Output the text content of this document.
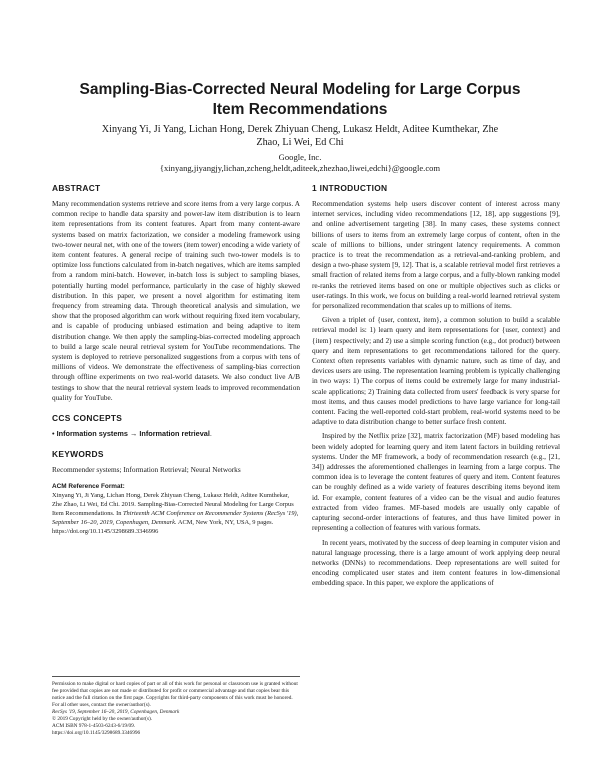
Sampling-Bias-Corrected Neural Modeling for Large Corpus
Item Recommendations
Xinyang Yi, Ji Yang, Lichan Hong, Derek Zhiyuan Cheng, Lukasz Heldt, Aditee Kumthekar, Zhe
Zhao, Li Wei, Ed Chi
Google, Inc.
{xinyang,jiyangjy,lichan,zcheng,heldt,aditeek,zhezhao,liwei,edchi}@google.com
ABSTRACT

Many recommendation systems retrieve and score items from a very large corpus. A common recipe to handle data sparsity and power-law item distribution is to learn item representations from its content features. Apart from many content-aware systems based on matrix factorization, we consider a modeling framework using two-tower neural net, with one of the towers (item tower) encoding a wide variety of item content features. A general recipe of training such two-tower models is to optimize loss functions calculated from in-batch negatives, which are items sampled from a random mini-batch. However, in-batch loss is subject to sampling biases, potentially hurting model performance, particularly in the case of highly skewed distribution. In this paper, we present a novel algorithm for estimating item frequency from streaming data. Through theoretical analysis and simulation, we show that the proposed algorithm can work without requiring fixed item vocabulary, and is capable of producing unbiased estimation and being adaptive to item distribution change. We then apply the sampling-bias-corrected modeling approach to build a large scale neural retrieval system for YouTube recommendations. The system is deployed to retrieve personalized suggestions from a corpus with tens of millions of videos. We demonstrate the effectiveness of sampling-bias correction through offline experiments on two real-world datasets. We also conduct live A/B testings to show that the neural retrieval system leads to improved recommendation quality for YouTube.

CCS CONCEPTS
• Information systems → Information retrieval.
KEYWORDS

Recommender systems; Information Retrieval; Neural Networks

ACM Reference Format:

Xinyang Yi, Ji Yang, Lichan Hong, Derek Zhiyuan Cheng, Lukasz Heldt, Aditee Kumthekar, Zhe Zhao, Li Wei, Ed Chi. 2019. Sampling-Bias-Corrected Neural Modeling for Large Corpus Item Recommendations. In Thirteenth ACM Conference on Recommender Systems (RecSys '19), September 16–20, 2019, Copenhagen, Denmark. ACM, New York, NY, USA, 9 pages. https://doi.org/10.1145/3298689.3346996

Permission to make digital or hard copies of part or all of this work for personal or classroom use is granted without fee provided that copies are not made or distributed for profit or commercial advantage and that copies bear this notice and the full citation on the first page. Copyrights for third-party components of this work must be honored. For all other uses, contact the owner/author(s).
RecSys '19, September 16–20, 2019, Copenhagen, Denmark
© 2019 Copyright held by the owner/author(s).
ACM ISBN 978-1-4503-6243-6/19/09.
https://doi.org/10.1145/3298689.3346996
1 INTRODUCTION

Recommendation systems help users discover content of interest across many internet services, including video recommendations [12, 18], app suggestions [9], and online advertisement targeting [38]. In many cases, these systems connect billions of users to items from an extremely large corpus of content, often in the scale of millions to billions, under stringent latency requirements. A common practice is to treat the recommendation as a retrieval-and-ranking problem, and design a two-phase system [9, 12]. That is, a scalable retrieval model first retrieves a small fraction of related items from a large corpus, and a fully-blown ranking model re-ranks the retrieved items based on one or multiple objectives such as clicks or user-ratings. In this work, we focus on building a real-world learned retrieval system for personalized recommendation that scales up to millions of items.

Given a triplet of {user, context, item}, a common solution to build a scalable retrieval model is: 1) learn query and item representations for {user, context} and {item} respectively; and 2) use a simple scoring function (e.g., dot product) between query and item representations to get recommendations tailored for the query. Context often represents variables with dynamic nature, such as time of day, and devices users are using. The representation learning problem is typically challenging in two ways: 1) The corpus of items could be extremely large for many industrial-scale applications; 2) Training data collected from users' feedback is very sparse for most items, and thus causes model predictions to have large variance for long-tail content. Facing the well-reported cold-start problem, real-world systems need to be adaptive to data distribution change to better surface fresh content.

Inspired by the Netflix prize [32], matrix factorization (MF) based modeling has been widely adopted for learning query and item latent factors in building retrieval systems. Under the MF framework, a body of recommendation research (e.g., [21, 34]) addresses the aforementioned challenges in learning from a large corpus. The common idea is to leverage the content features of query and item. Content features can be roughly defined as a wide variety of features describing items beyond item id. For example, content features of a video can be the visual and audio features extracted from video frames. MF-based models are usually only capable of capturing second-order interactions of features, and thus have limited power in representing a collection of features with various formats.

In recent years, motivated by the success of deep learning in computer vision and natural language processing, there is a large amount of work applying deep neural networks (DNNs) to recommendations. Deep representations are well suited for encoding complicated user states and item content features in low-dimensional embedding space. In this paper, we explore the applications of
